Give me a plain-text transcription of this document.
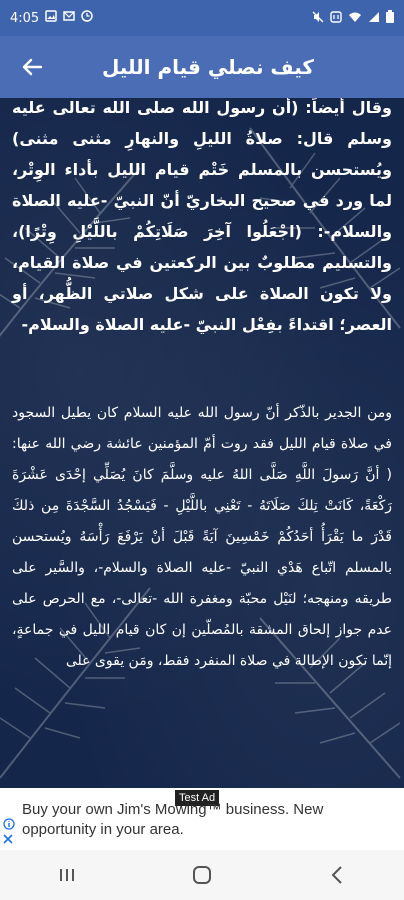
4:05
كيف نصلي قيام الليل

وقال أيضاً: (أن رسول الله صلى الله تعالى عليه وسلم قال: صلاةُ الليلِ والنهارِ مثنى مثنى) ويُستحسن بالمسلم خَتْم قيام الليل بأداء الوِتْر، لما ورد في صحيح البخاريّ أنّ النبيّ -عليه الصلاة والسلام-: (اجْعَلُوا آخِرَ صَلَاتِكُمْ باللَّيْلِ وِتْرًا)، والتسليم مطلوبٌ بين الركعتين في صلاة القيام، ولا تكون الصلاة على شكل صلاتي الظُّهر، أو العصر؛ اقتداءً بفِعْل النبيّ -عليه الصلاة والسلام-

ومن الجدير بالذّكر أنّ رسول الله عليه السلام كان يطيل السجود في صلاة قيام الليل فقد روت أمّ المؤمنين عائشة رضي الله عنها: ( أنَّ رَسولَ اللَّهِ صَلَّى اللهُ عليه وسلَّمَ كانَ يُصَلِّي إحْدَى عَشْرَةَ رَكْعَةً، كَانَتْ تِلكَ صَلَاتَهُ - تَعْنِي باللَّيْلِ - فَيَسْجُدُ السَّجْدَةَ مِن ذلكَ قَدْرَ ما يَقْرَأُ أحَدُكُمْ خَمْسِينَ آيَةً قَبْلَ أنْ يَرْفَعَ رَأْسَهُ ويُستحسن بالمسلم اتّباع هَدْي النبيّ -عليه الصلاة والسلام-، والسَّير على طريقه ومنهجه؛ لنَيْل محبّة ومغفرة الله -تعالى-، مع الحرص على عدم جواز إلحاق المشقة بالمُصلّين إن كان قيام الليل في جماعةٍ، إنّما تكون الإطالة في صلاة المنفرد فقط، ومَن يقوى على

Test Ad
Buy your own Jim's Mowing™ business. New opportunity in your area.
